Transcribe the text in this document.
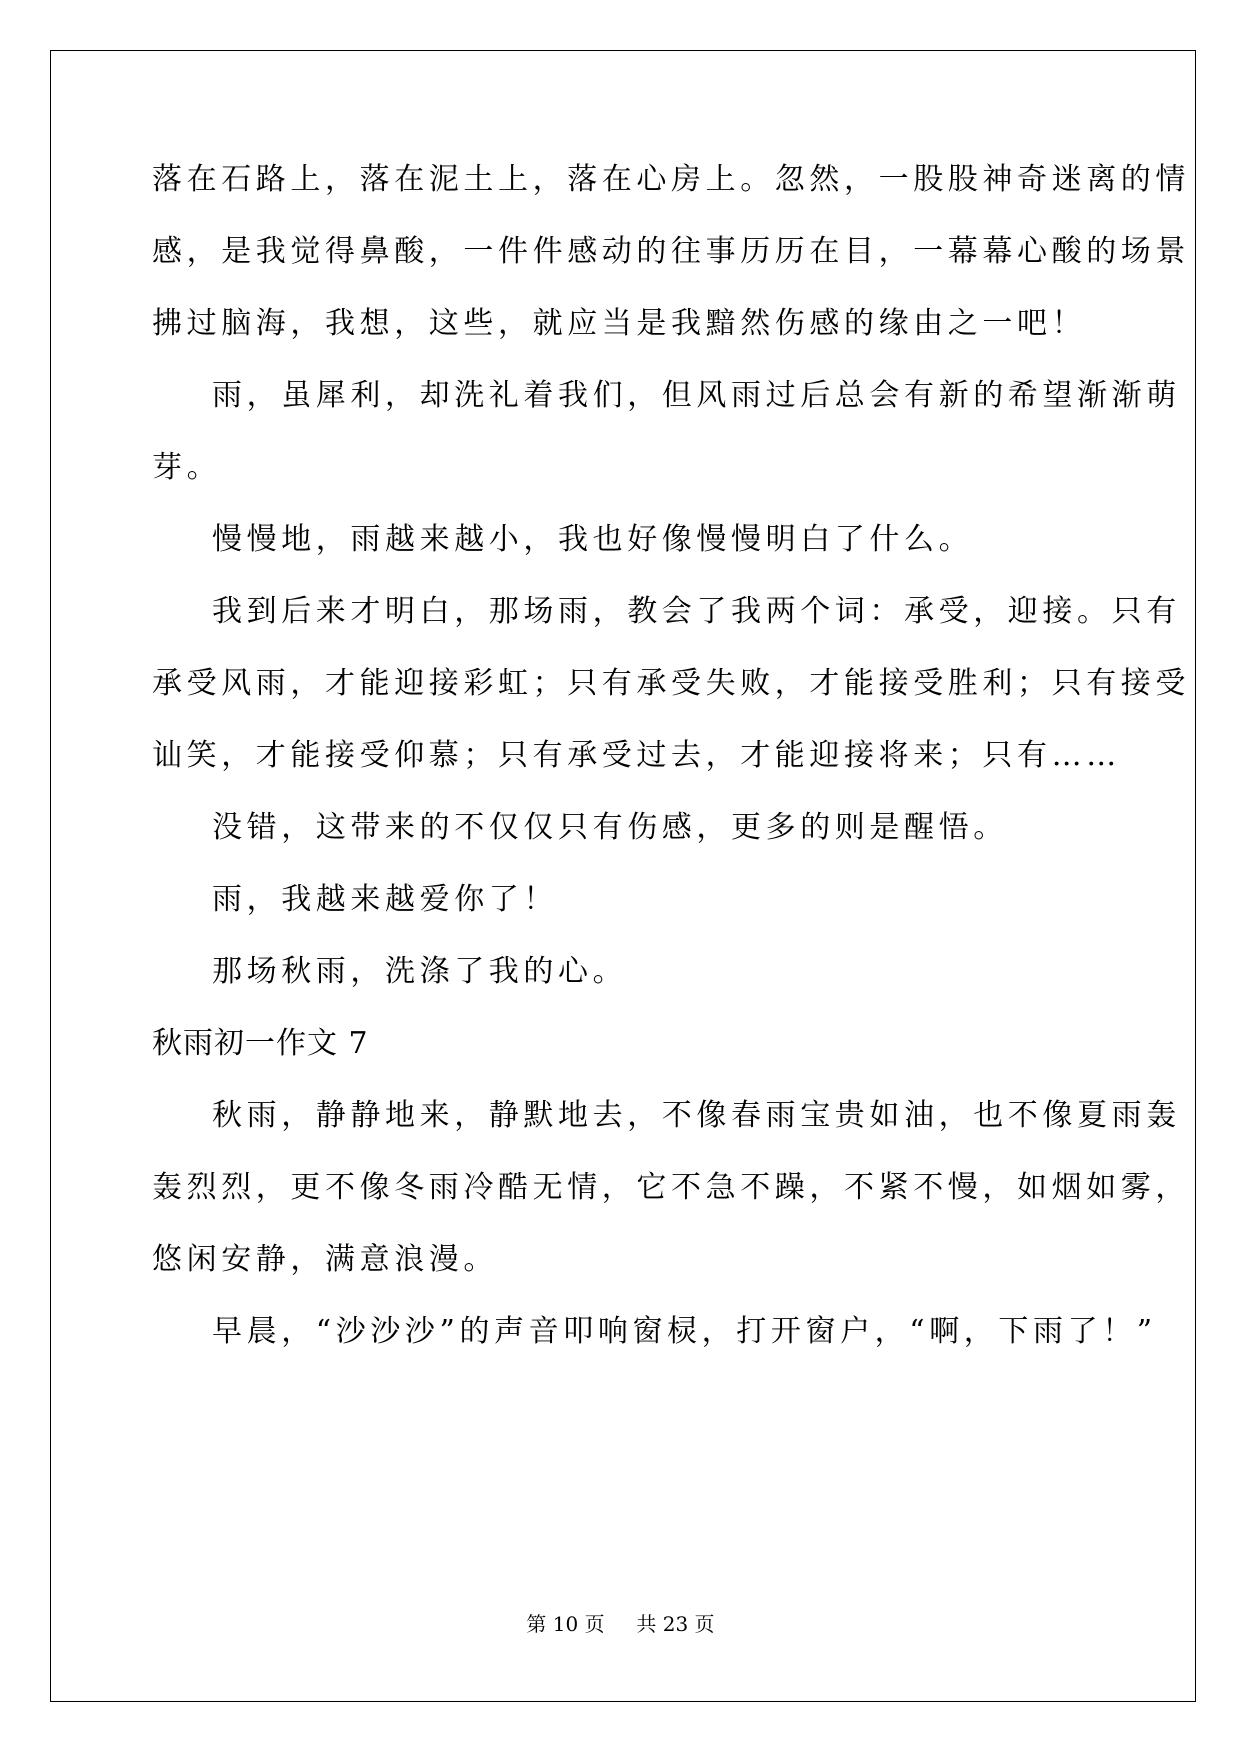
落在石路上，落在泥土上，落在心房上。忽然，一股股神奇迷离的情
感，是我觉得鼻酸，一件件感动的往事历历在目，一幕幕心酸的场景
拂过脑海，我想，这些，就应当是我黯然伤感的缘由之一吧！
雨，虽犀利，却洗礼着我们，但风雨过后总会有新的希望渐渐萌
芽。
慢慢地，雨越来越小，我也好像慢慢明白了什么。
我到后来才明白，那场雨，教会了我两个词：承受，迎接。只有
承受风雨，才能迎接彩虹；只有承受失败，才能接受胜利；只有接受
讪笑，才能接受仰慕；只有承受过去，才能迎接将来；只有……
没错，这带来的不仅仅只有伤感，更多的则是醒悟。
雨，我越来越爱你了！
那场秋雨，洗涤了我的心。
秋雨初一作文 7
秋雨，静静地来，静默地去，不像春雨宝贵如油，也不像夏雨轰
轰烈烈，更不像冬雨冷酷无情，它不急不躁，不紧不慢，如烟如雾，
悠闲安静，满意浪漫。
早晨，“沙沙沙”的声音叩响窗棂，打开窗户，“啊，下雨了！”
第 10 页 共 23 页
